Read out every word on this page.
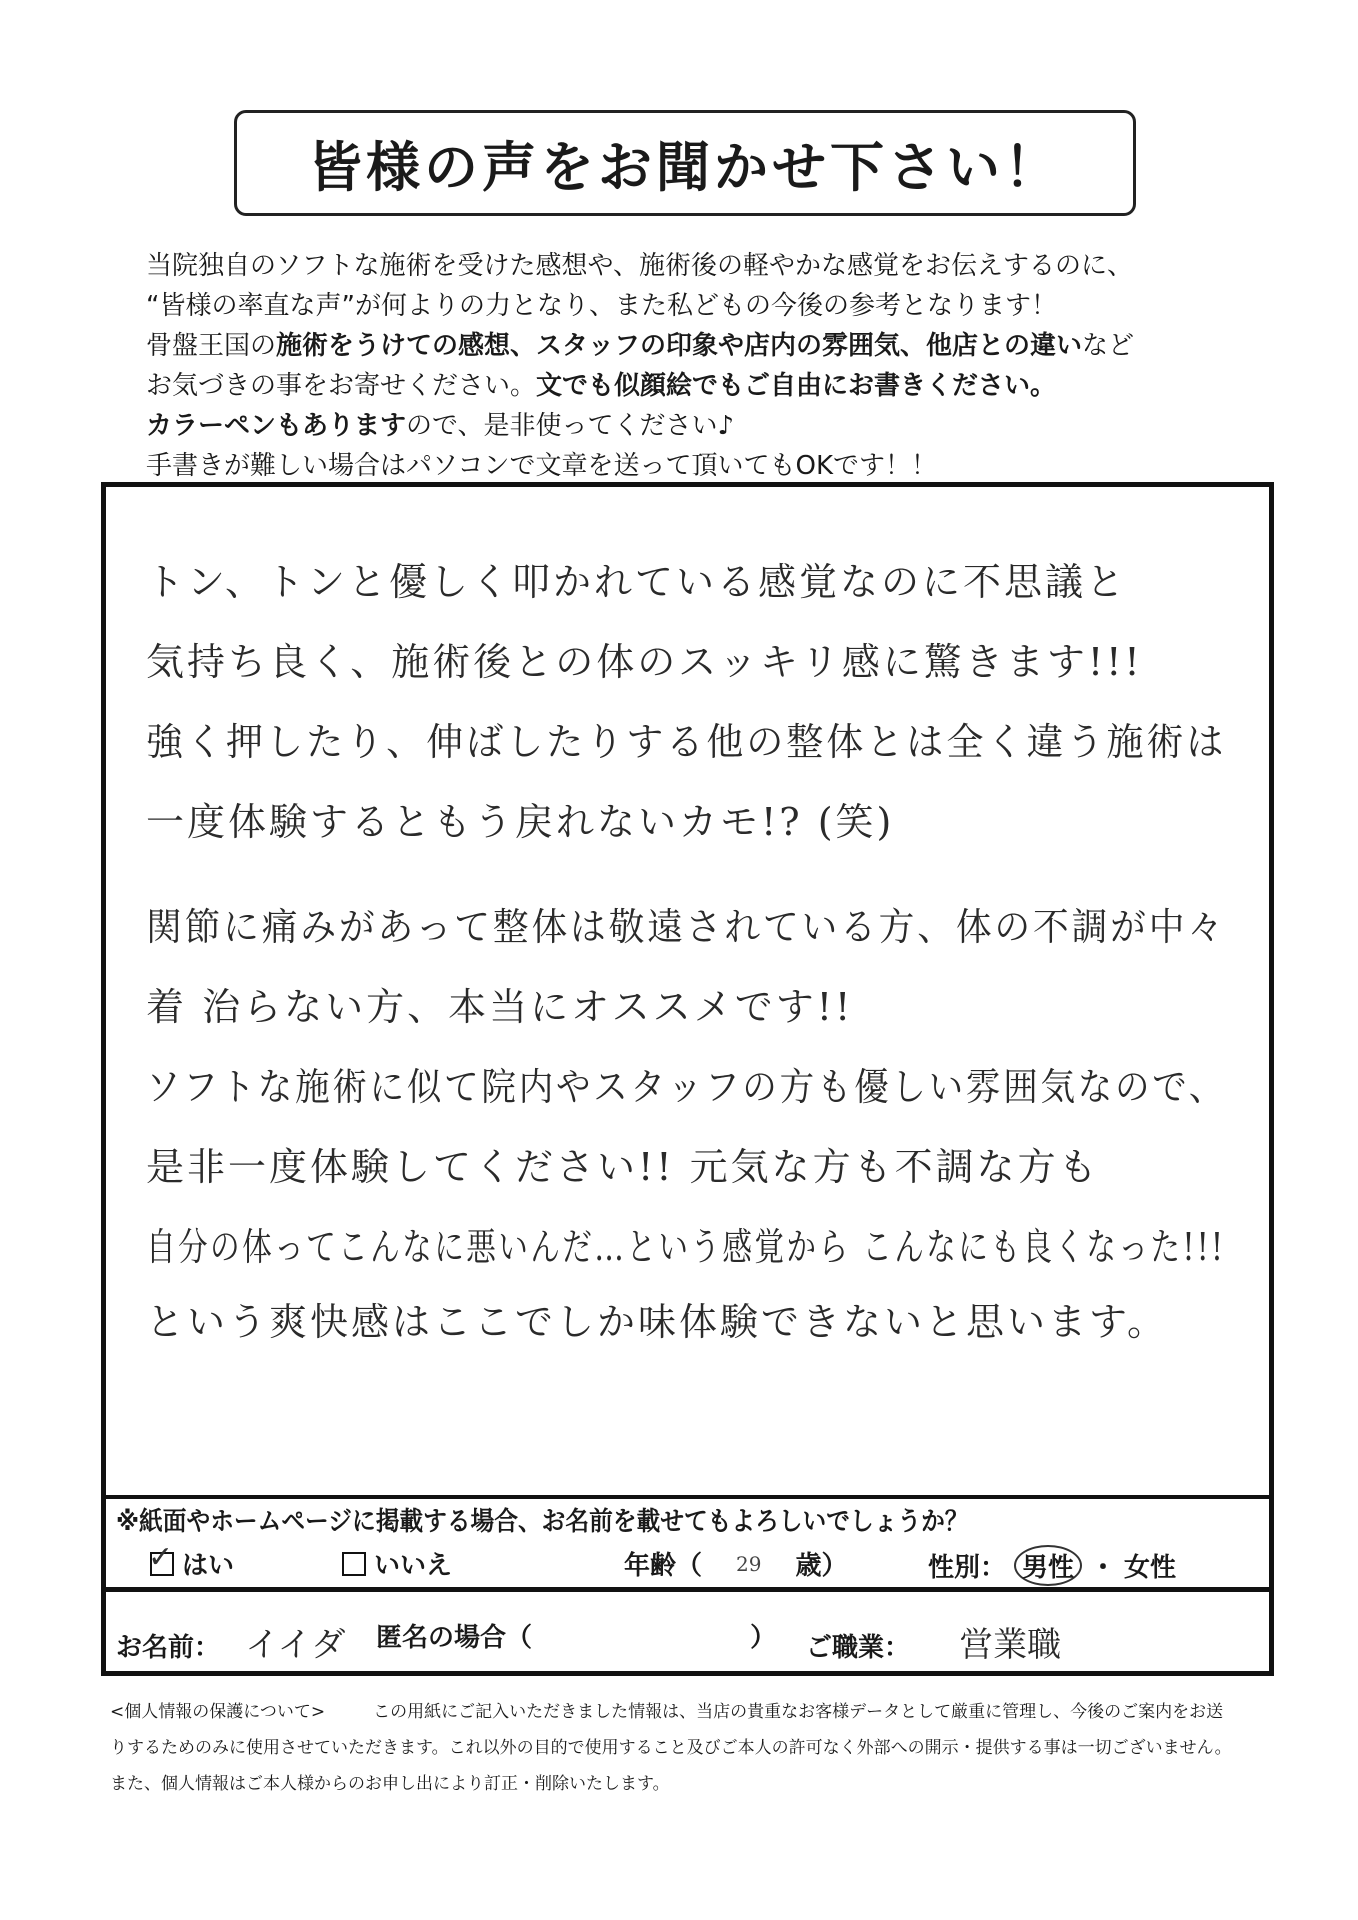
皆様の声をお聞かせ下さい！

当院独自のソフトな施術を受けた感想や、施術後の軽やかな感覚をお伝えするのに、

“皆様の率直な声”が何よりの力となり、また私どもの今後の参考となります！

骨盤王国の施術をうけての感想、スタッフの印象や店内の雰囲気、他店との違いなど

お気づきの事をお寄せください。文でも似顔絵でもご自由にお書きください。

カラーペンもありますので、是非使ってください♪

手書きが難しい場合はパソコンで文章を送って頂いてもOKです！！

トン、トンと優しく叩かれている感覚なのに不思議と
気持ち良く、施術後との体のスッキリ感に驚きます!!!
強く押したり、伸ばしたりする他の整体とは全く違う施術は
一度体験するともう戻れないカモ!? (笑)
関節に痛みがあって整体は敬遠されている方、体の不調が中々
着 治らない方、本当にオススメです!!
ソフトな施術に似て院内やスタッフの方も優しい雰囲気なので、
是非一度体験してください!! 元気な方も不調な方も
自分の体ってこんなに悪いんだ…という感覚から こんなにも良くなった!!!
という爽快感はここでしか味体験できないと思います。
※紙面やホームページに掲載する場合、お名前を載せてもよろしいでしょうか？
✓ はい	いいえ	年齢（ 29 歳）	性別： 男性 ・ 女性
お名前： イイダ 匿名の場合（	） ご職業： 営業職

<個人情報の保護について>	この用紙にご記入いただきました情報は、当店の貴重なお客様データとして厳重に管理し、今後のご案内をお送

りするためのみに使用させていただきます。これ以外の目的で使用すること及びご本人の許可なく外部への開示・提供する事は一切ございません。

また、個人情報はご本人様からのお申し出により訂正・削除いたします。
